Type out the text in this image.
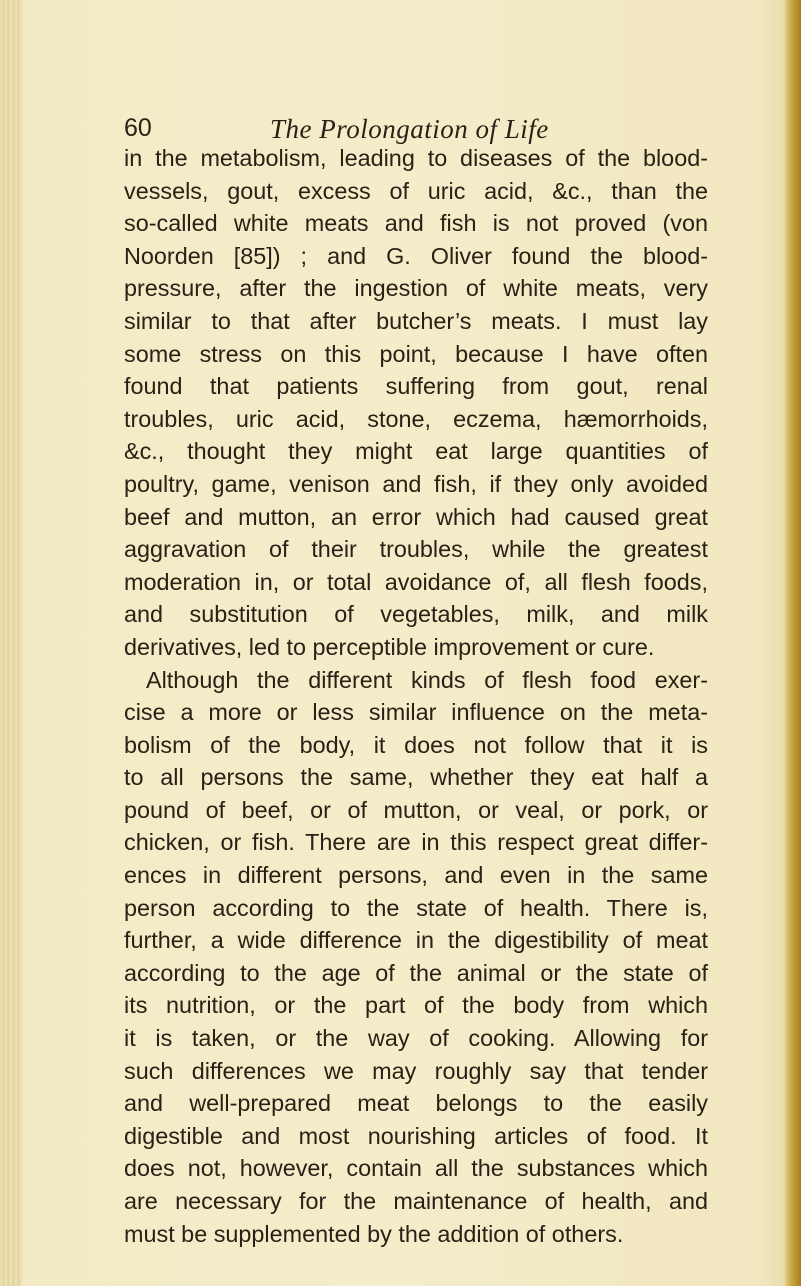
60	The Prolongation of Life
in the metabolism, leading to diseases of the blood-
vessels, gout, excess of uric acid, &c., than the
so-called white meats and fish is not proved (von
Noorden [85]) ; and G. Oliver found the blood-
pressure, after the ingestion of white meats, very
similar to that after butcher’s meats. I must lay
some stress on this point, because I have often
found that patients suffering from gout, renal
troubles, uric acid, stone, eczema, hæmorrhoids,
&c., thought they might eat large quantities of
poultry, game, venison and fish, if they only avoided
beef and mutton, an error which had caused great
aggravation of their troubles, while the greatest
moderation in, or total avoidance of, all flesh foods,
and substitution of vegetables, milk, and milk
derivatives, led to perceptible improvement or cure.
Although the different kinds of flesh food exer-
cise a more or less similar influence on the meta-
bolism of the body, it does not follow that it is
to all persons the same, whether they eat half a
pound of beef, or of mutton, or veal, or pork, or
chicken, or fish. There are in this respect great differ-
ences in different persons, and even in the same
person according to the state of health. There is,
further, a wide difference in the digestibility of meat
according to the age of the animal or the state of
its nutrition, or the part of the body from which
it is taken, or the way of cooking. Allowing for
such differences we may roughly say that tender
and well-prepared meat belongs to the easily
digestible and most nourishing articles of food. It
does not, however, contain all the substances which
are necessary for the maintenance of health, and
must be supplemented by the addition of others.
